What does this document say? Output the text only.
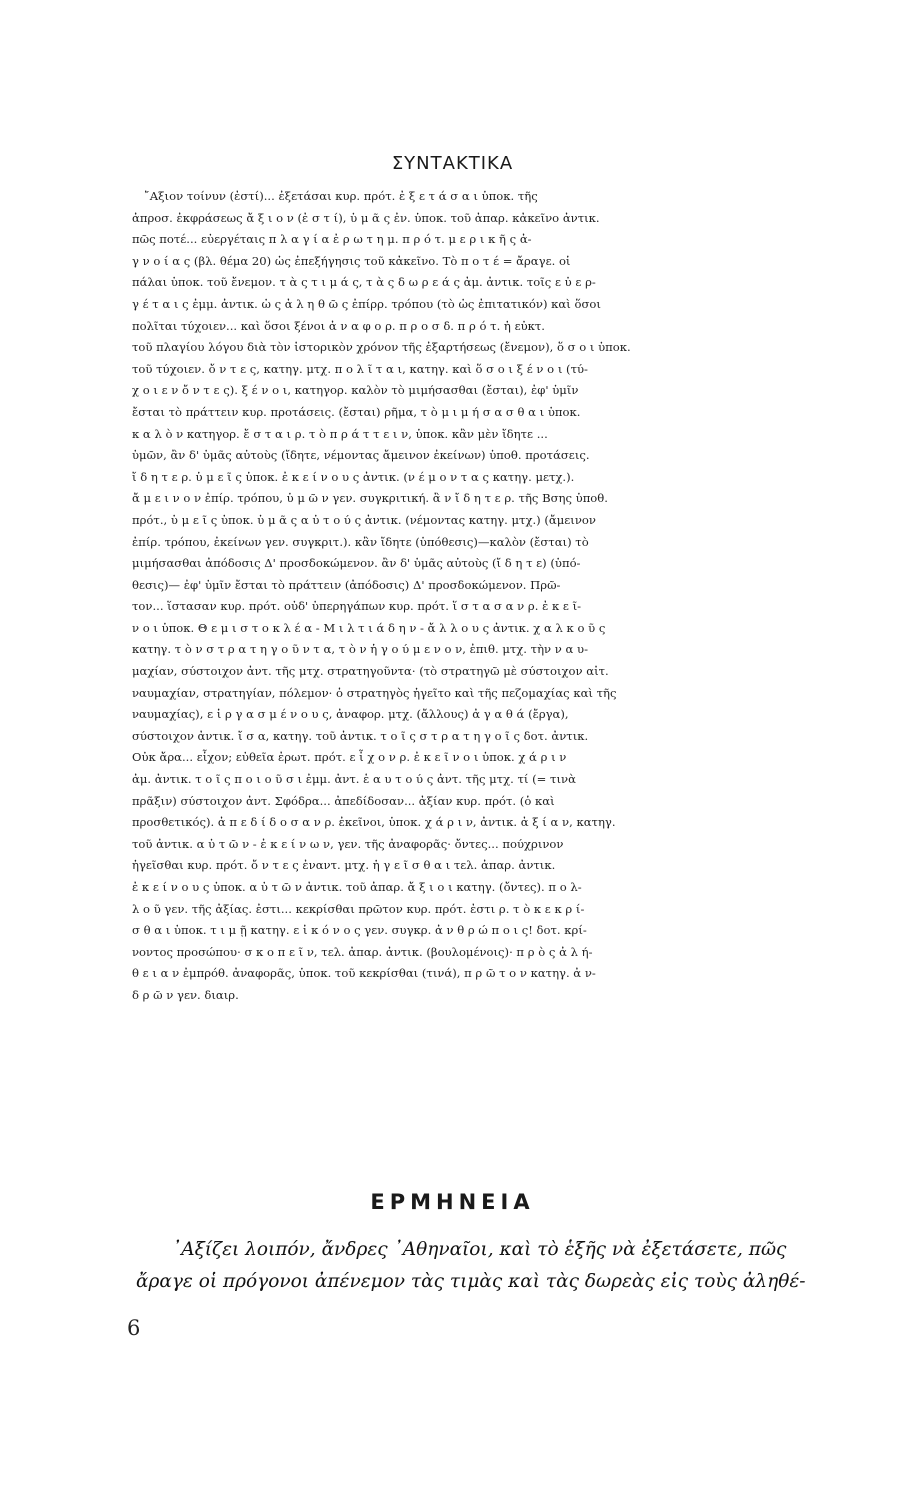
ΣΥΝΤΑΚΤΙΚΑ
῎Αξιον τοίνυν (ἐστί)... ἐξετάσαι κυρ. πρότ. ἐ ξ ε τ ά σ α ι ὑποκ. τῆς
ἀπροσ. ἐκφράσεως ἄ ξ ι ο ν (ἐ σ τ ί), ὑ μ ᾶ ς ἐν. ὑποκ. τοῦ ἀπαρ. κἀκεῖνο ἀντικ.
πῶς ποτέ... εὐεργέταις π λ α γ ί α ἐ ρ ω τ η μ. π ρ ό τ. μ ε ρ ι κ ῆ ς ἀ-
γ ν ο ί α ς (βλ. θέμα 20) ὡς ἐπεξήγησις τοῦ κἀκεῖνο. Τὸ π ο τ έ = ἄραγε. οἱ
πάλαι ὑποκ. τοῦ ἔνεμον. τ ὰ ς τ ι μ ά ς, τ ὰ ς δ ω ρ ε ά ς ἀμ. ἀντικ. τοῖς ε ὐ ε ρ-
γ έ τ α ι ς ἐμμ. ἀντικ. ὡ ς ἀ λ η θ ῶ ς ἐπίρρ. τρόπου (τὸ ὡς ἐπιτατικόν) καὶ ὅσοι
πολῖται τύχοιεν... καὶ ὅσοι ξένοι ἀ ν α φ ο ρ. π ρ ο σ δ. π ρ ό τ. ἡ εὐκτ.
τοῦ πλαγίου λόγου διὰ τὸν ἱστορικὸν χρόνον τῆς ἐξαρτήσεως (ἔνεμον), ὅ σ ο ι ὑποκ.
τοῦ τύχοιεν. ὄ ν τ ε ς, κατηγ. μτχ. π ο λ ῖ τ α ι, κατηγ. καὶ ὅ σ ο ι ξ έ ν ο ι (τύ-
χ ο ι ε ν ὄ ν τ ε ς). ξ έ ν ο ι, κατηγορ. καλὸν τὸ μιμήσασθαι (ἔσται), ἐφ' ὑμῖν
ἔσται τὸ πράττειν κυρ. προτάσεις. (ἔσται) ρῆμα, τ ὸ μ ι μ ή σ α σ θ α ι ὑποκ.
κ α λ ὸ ν κατηγορ. ἔ σ τ α ι ρ. τ ὸ π ρ ά τ τ ε ι ν, ὑποκ. κἂν μὲν ἴδητε ...
ὑμῶν, ἂν δ' ὑμᾶς αὐτοὺς (ἴδητε, νέμοντας ἄμεινον ἐκείνων) ὑποθ. προτάσεις.
ἴ δ η τ ε ρ. ὑ μ ε ῖ ς ὑποκ. ἐ κ ε ί ν ο υ ς ἀντικ. (ν έ μ ο ν τ α ς κατηγ. μετχ.).
ἄ μ ε ι ν ο ν ἐπίρ. τρόπου, ὑ μ ῶ ν γεν. συγκριτική. ἂ ν ἴ δ η τ ε ρ. τῆς Βσης ὑποθ.
πρότ., ὑ μ ε ῖ ς ὑποκ. ὑ μ ᾶ ς α ὐ τ ο ύ ς ἀντικ. (νέμοντας κατηγ. μτχ.) (ἄμεινον
ἐπίρ. τρόπου, ἐκείνων γεν. συγκριτ.). κἂν ἴδητε (ὑπόθεσις)—καλὸν (ἔσται) τὸ
μιμήσασθαι ἀπόδοσις Δ' προσδοκώμενον. ἂν δ' ὑμᾶς αὐτοὺς (ἴ δ η τ ε) (ὑπό-
θεσις)— ἐφ' ὑμῖν ἔσται τὸ πράττειν (ἀπόδοσις) Δ' προσδοκώμενον. Πρῶ-
τον... ἵστασαν κυρ. πρότ. οὐδ' ὑπερηγάπων κυρ. πρότ. ἵ σ τ α σ α ν ρ. ἐ κ ε ῖ-
ν ο ι ὑποκ. Θ ε μ ι σ τ ο κ λ έ α - Μ ι λ τ ι ά δ η ν - ἄ λ λ ο υ ς ἀντικ. χ α λ κ ο ῦ ς
κατηγ. τ ὸ ν σ τ ρ α τ η γ ο ῦ ν τ α, τ ὸ ν ἡ γ ο ύ μ ε ν ο ν, ἐπιθ. μτχ. τὴν ν α υ-
μαχίαν, σύστοιχον ἀντ. τῆς μτχ. στρατηγοῦντα· (τὸ στρατηγῶ μὲ σύστοιχον αἰτ.
ναυμαχίαν, στρατηγίαν, πόλεμον· ὁ στρατηγὸς ἡγεῖτο καὶ τῆς πεζομαχίας καὶ τῆς
ναυμαχίας), ε ἰ ρ γ α σ μ έ ν ο υ ς, ἀναφορ. μτχ. (ἄλλους) ἀ γ α θ ά (ἔργα),
σύστοιχον ἀντικ. ἴ σ α, κατηγ. τοῦ ἀντικ. τ ο ῖ ς σ τ ρ α τ η γ ο ῖ ς δοτ. ἀντικ.
Οὐκ ἄρα... εἶχον; εὐθεῖα ἐρωτ. πρότ. ε ἶ χ ο ν ρ. ἐ κ ε ῖ ν ο ι ὑποκ. χ ά ρ ι ν
ἀμ. ἀντικ. τ ο ῖ ς π ο ι ο ῦ σ ι ἐμμ. ἀντ. ἑ α υ τ ο ύ ς ἀντ. τῆς μτχ. τί (= τινὰ
πρᾶξιν) σύστοιχον ἀντ. Σφόδρα... ἀπεδίδοσαν... ἀξίαν κυρ. πρότ. (ὁ καὶ
προσθετικός). ἀ π ε δ ί δ ο σ α ν ρ. ἐκεῖνοι, ὑποκ. χ ά ρ ι ν, ἀντικ. ἀ ξ ί α ν, κατηγ.
τοῦ ἀντικ. α ὐ τ ῶ ν - ἐ κ ε ί ν ω ν, γεν. τῆς ἀναφορᾶς· ὄντες... πούχρινον
ἡγεῖσθαι κυρ. πρότ. ὄ ν τ ε ς ἐναντ. μτχ. ἡ γ ε ῖ σ θ α ι τελ. ἀπαρ. ἀντικ.
ἐ κ ε ί ν ο υ ς ὑποκ. α ὐ τ ῶ ν ἀντικ. τοῦ ἀπαρ. ἄ ξ ι ο ι κατηγ. (ὄντες). π ο λ-
λ ο ῦ γεν. τῆς ἀξίας. ἐστι... κεκρίσθαι πρῶτον κυρ. πρότ. ἐστι ρ. τ ὸ κ ε κ ρ ί-
σ θ α ι ὑποκ. τ ι μ ῇ κατηγ. ε ἰ κ ό ν ο ς γεν. συγκρ. ἀ ν θ ρ ώ π ο ι ς! δοτ. κρί-
νοντος προσώπου· σ κ ο π ε ῖ ν, τελ. ἀπαρ. ἀντικ. (βουλομένοις)· π ρ ὸ ς ἀ λ ή-
θ ε ι α ν ἐμπρόθ. ἀναφορᾶς, ὑποκ. τοῦ κεκρίσθαι (τινά), π ρ ῶ τ ο ν κατηγ. ἀ ν-
δ ρ ῶ ν γεν. διαιρ.
ΕΡΜΗΝΕΙΑ
᾿Αξίζει λοιπόν, ἄνδρες ᾿Αθηναῖοι, καὶ τὸ ἑξῆς νὰ ἐξετάσετε, πῶς
ἄραγε οἱ πρόγονοι ἀπένεμον τὰς τιμὰς καὶ τὰς δωρεὰς εἰς τοὺς ἀληθέ-
6
